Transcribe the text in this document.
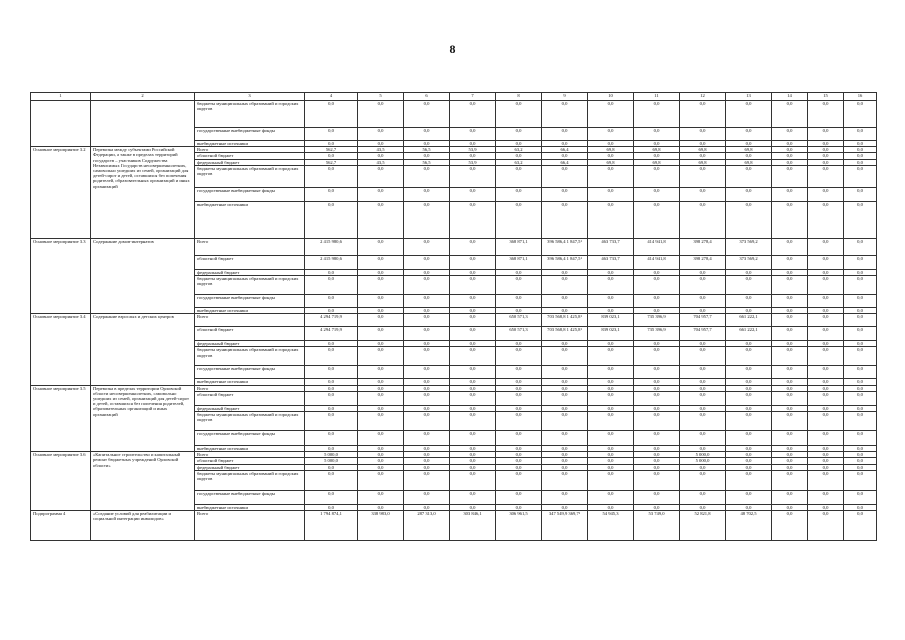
8
1	2	3	4	5	6	7	8	9	10	11	12	13	14	15	16
		бюджеты муниципальных образований и городских округов	0,0	0,0	0,0	0,0	0,0	0,0	0,0	0,0	0,0	0,0	0,0	0,0	0,0
		государственные внебюджетные фонды	0,0	0,0	0,0	0,0	0,0	0,0	0,0	0,0	0,0	0,0	0,0	0,0	0,0
		внебюджетные источники	0,0	0,0	0,0	0,0	0,0	0,0	0,0	0,0	0,0	0,0	0,0	0,0	0,0
Основное мероприятие 3.2	Перевозка между субъектами Российской Федерации, а также в пределах территорий государств – участников Содружества Независимых Государств несовершеннолетних, самовольно ушедших из семей, организаций для детей-сирот и детей, оставшихся без попечения родителей, образовательных организаций и иных организаций	Всего	562,7	43,5	56,5	53,9	63,2	66,4	69,8	69,8	69,8	69,8	0,0	0,0	0,0
		областной бюджет	0,0	0,0	0,0	0,0	0,0	0,0	0,0	0,0	0,0	0,0	0,0	0,0	0,0
		федеральный бюджет	562,7	43,5	56,5	53,9	63,2	66,4	69,8	69,8	69,8	69,8	0,0	0,0	0,0
		бюджеты муниципальных образований и городских округов	0,0	0,0	0,0	0,0	0,0	0,0	0,0	0,0	0,0	0,0	0,0	0,0	0,0
		государственные внебюджетные фонды	0,0	0,0	0,0	0,0	0,0	0,0	0,0	0,0	0,0	0,0	0,0	0,0	0,0
		внебюджетные источники	0,0	0,0	0,0	0,0	0,0	0,0	0,0	0,0	0,0	0,0	0,0	0,0	0,0
Основное мероприятие 3.3	Содержание домов-интернатов	Всего	2 415 980,6	0,0	0,0	0,0	368 871,1	396 586,4 1 847,5¹	463 733,7	414 941,8	398 278,4	373 569,2	0,0	0,0	0,0
		областной бюджет	2 415 980,6	0,0	0,0	0,0	368 871,1	396 586,4 1 847,5¹	463 733,7	414 941,8	398 278,4	373 569,2	0,0	0,0	0,0
		федеральный бюджет	0,0	0,0	0,0	0,0	0,0	0,0	0,0	0,0	0,0	0,0	0,0	0,0	0,0
		бюджеты муниципальных образований и городских округов	0,0	0,0	0,0	0,0	0,0	0,0	0,0	0,0	0,0	0,0	0,0	0,0	0,0
		государственные внебюджетные фонды	0,0	0,0	0,0	0,0	0,0	0,0	0,0	0,0	0,0	0,0	0,0	0,0	0,0
		внебюджетные источники	0,0	0,0	0,0	0,0	0,0	0,0	0,0	0,0	0,0	0,0	0,0	0,0	0,0
Основное мероприятие 3.4	Содержание взрослых и детских центров	Всего	4 294 719,9	0,0	0,0	0,0	650 571,3	703 568,8 1 425,8¹	839 023,1	735 396,9	704 957,7	661 222,1	0,0	0,0	0,0
		областной бюджет	4 294 719,9	0,0	0,0	0,0	650 571,3	703 568,8 1 425,8¹	839 023,1	735 396,9	704 957,7	661 222,1	0,0	0,0	0,0
		федеральный бюджет	0,0	0,0	0,0	0,0	0,0	0,0	0,0	0,0	0,0	0,0	0,0	0,0	0,0
		бюджеты муниципальных образований и городских округов	0,0	0,0	0,0	0,0	0,0	0,0	0,0	0,0	0,0	0,0	0,0	0,0	0,0
		государственные внебюджетные фонды	0,0	0,0	0,0	0,0	0,0	0,0	0,0	0,0	0,0	0,0	0,0	0,0	0,0
		внебюджетные источники	0,0	0,0	0,0	0,0	0,0	0,0	0,0	0,0	0,0	0,0	0,0	0,0	0,0
Основное мероприятие 3.5	Перевозка в пределах территории Орловской области несовершеннолетних, самовольно ушедших из семей, организаций для детей-сирот и детей, оставшихся без попечения родителей, образовательных организаций и иных организаций	Всего	0,0	0,0	0,0	0,0	0,0	0,0	0,0	0,0	0,0	0,0	0,0	0,0	0,0
		областной бюджет	0,0	0,0	0,0	0,0	0,0	0,0	0,0	0,0	0,0	0,0	0,0	0,0	0,0
		федеральный бюджет	0,0	0,0	0,0	0,0	0,0	0,0	0,0	0,0	0,0	0,0	0,0	0,0	0,0
		бюджеты муниципальных образований и городских округов	0,0	0,0	0,0	0,0	0,0	0,0	0,0	0,0	0,0	0,0	0,0	0,0	0,0
		государственные внебюджетные фонды	0,0	0,0	0,0	0,0	0,0	0,0	0,0	0,0	0,0	0,0	0,0	0,0	0,0
		внебюджетные источники	0,0	0,0	0,0	0,0	0,0	0,0	0,0	0,0	0,0	0,0	0,0	0,0	0,0
Основное мероприятие 3.6	«Капитальное строительство и капитальный ремонт бюджетных учреждений Орловской области»	Всего	5 000,0	0,0	0,0	0,0	0,0	0,0	0,0	0,0	5 000,0	0,0	0,0	0,0	0,0
		областной бюджет	5 000,0	0,0	0,0	0,0	0,0	0,0	0,0	0,0	5 000,0	0,0	0,0	0,0	0,0
		федеральный бюджет	0,0	0,0	0,0	0,0	0,0	0,0	0,0	0,0	0,0	0,0	0,0	0,0	0,0
		бюджеты муниципальных образований и городских округов	0,0	0,0	0,0	0,0	0,0	0,0	0,0	0,0	0,0	0,0	0,0	0,0	0,0
		государственные внебюджетные фонды	0,0	0,0	0,0	0,0	0,0	0,0	0,0	0,0	0,0	0,0	0,0	0,0	0,0
		внебюджетные источники	0,0	0,0	0,0	0,0	0,0	0,0	0,0	0,0	0,0	0,0	0,0	0,0	0,0
Подпрограмма 4	«Создание условий для реабилитации и социальной интеграции инвалидов»	Всего	1 794 874,1	338 983,0	287 313,0	303 846,1	306 961,5	347 549,9 369,7¹	54 945,3	53 749,0	52 821,8	48 702,5	0,0	0,0	0,0
